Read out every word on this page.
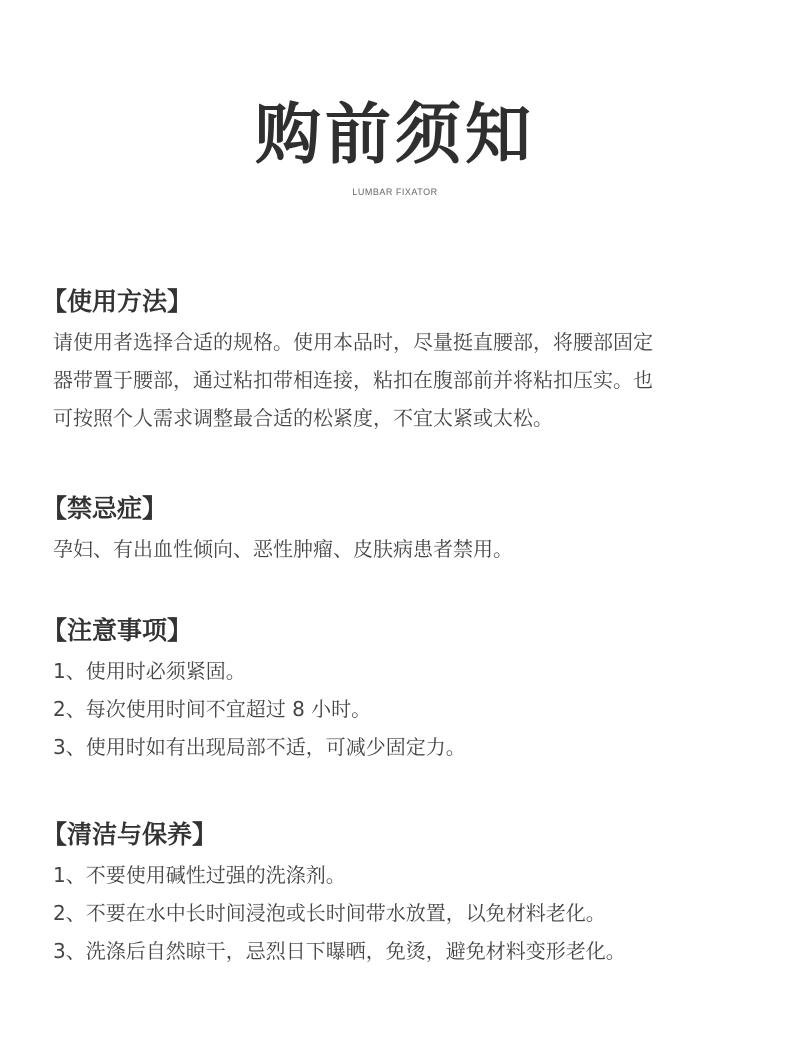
购前须知
LUMBAR FIXATOR
【使用方法】
请使用者选择合适的规格。使用本品时，尽量挺直腰部，将腰部固定
器带置于腰部，通过粘扣带相连接，粘扣在腹部前并将粘扣压实。也
可按照个人需求调整最合适的松紧度，不宜太紧或太松。
【禁忌症】
孕妇、有出血性倾向、恶性肿瘤、皮肤病患者禁用。
【注意事项】
1、使用时必须紧固。
2、每次使用时间不宜超过 8 小时。
3、使用时如有出现局部不适，可减少固定力。
【清洁与保养】
1、不要使用碱性过强的洗涤剂。
2、不要在水中长时间浸泡或长时间带水放置，以免材料老化。
3、洗涤后自然晾干，忌烈日下曝晒，免烫，避免材料变形老化。
